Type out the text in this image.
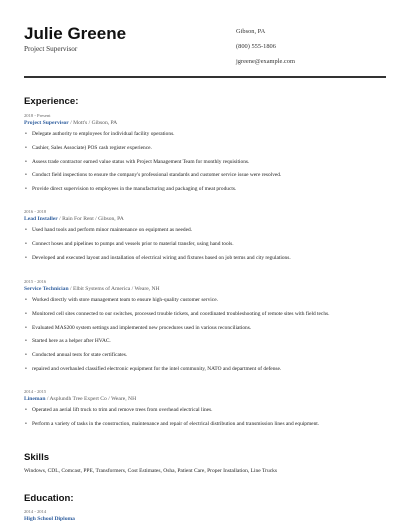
Julie Greene
Project Supervisor
Gibson, PA
(800) 555-1806
jgreene@example.com
Experience:
2018 - Present
Project Supervisor / Mott's / Gibson, PA
• Delegate authority to employees for individual facility operations.
• Cashier, Sales Associate) POS cash register experience.
• Assess trade contractor earned value status with Project Management Team for monthly requisitions.
• Conduct field inspections to ensure the company's professional standards and customer service issue were resolved.
• Provide direct supervision to employees in the manufacturing and packaging of meat products.
2016 - 2018
Lead Installer / Rain For Rent / Gibson, PA
• Used hand tools and perform minor maintenance on equipment as needed.
• Connect hoses and pipelines to pumps and vessels prior to material transfer, using hand tools.
• Developed and executed layout and installation of electrical wiring and fixtures based on job terms and city regulations.
2015 - 2016
Service Technician / Elbit Systems of America / Weare, NH
• Worked directly with store management team to ensure high-quality customer service.
• Monitored cell sites connected to our switches, processed trouble tickets, and coordinated troubleshooting of remote sites with field techs.
• Evaluated MAS200 system settings and implemented new procedures used in various reconciliations.
• Started here as a helper after HVAC.
• Conducted annual tests for state certificates.
• repaired and overhauled classified electronic equipment for the intel community, NATO and department of defense.
2014 - 2015
Lineman / Asplundh Tree Expert Co / Weare, NH
• Operated an aerial lift truck to trim and remove trees from overhead electrical lines.
• Perform a variety of tasks in the construction, maintenance and repair of electrical distribution and transmission lines and equipment.
Skills
Windows, CDL, Comcast, PPE, Transformers, Cost Estimates, Osha, Patient Care, Proper Installation, Line Trucks
Education:
2014 - 2014
High School Diploma
